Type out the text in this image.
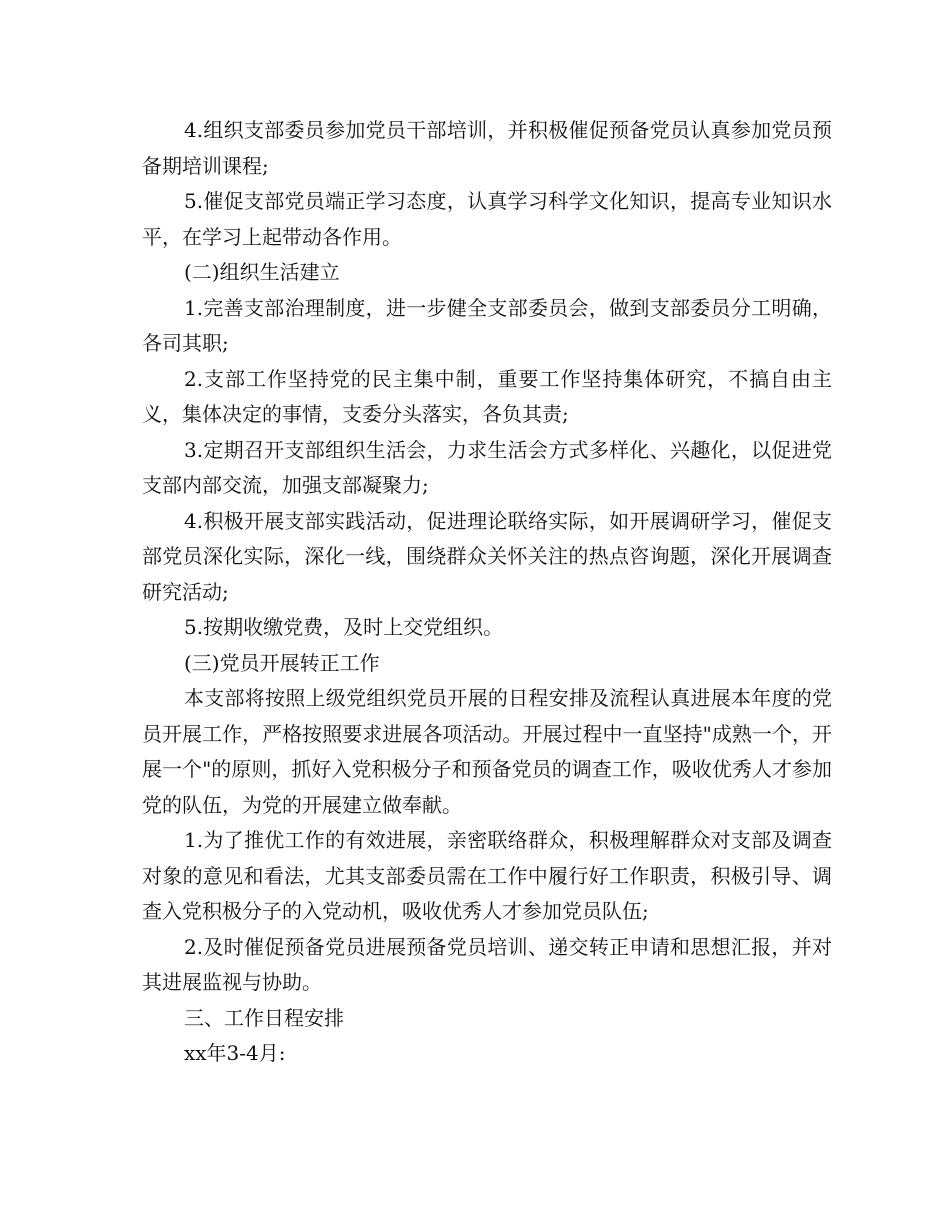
4.组织支部委员参加党员干部培训，并积极催促预备党员认真参加党员预备期培训课程;

5.催促支部党员端正学习态度，认真学习科学文化知识，提高专业知识水平，在学习上起带动各作用。

(二)组织生活建立

1.完善支部治理制度，进一步健全支部委员会，做到支部委员分工明确，各司其职;

2.支部工作坚持党的民主集中制，重要工作坚持集体研究，不搞自由主义，集体决定的事情，支委分头落实，各负其责;

3.定期召开支部组织生活会，力求生活会方式多样化、兴趣化，以促进党支部内部交流，加强支部凝聚力;

4.积极开展支部实践活动，促进理论联络实际，如开展调研学习，催促支部党员深化实际，深化一线，围绕群众关怀关注的热点咨询题，深化开展调查研究活动;

5.按期收缴党费，及时上交党组织。

(三)党员开展转正工作

本支部将按照上级党组织党员开展的日程安排及流程认真进展本年度的党员开展工作，严格按照要求进展各项活动。开展过程中一直坚持"成熟一个，开展一个"的原则，抓好入党积极分子和预备党员的调查工作，吸收优秀人才参加党的队伍，为党的开展建立做奉献。

1.为了推优工作的有效进展，亲密联络群众，积极理解群众对支部及调查对象的意见和看法，尤其支部委员需在工作中履行好工作职责，积极引导、调查入党积极分子的入党动机，吸收优秀人才参加党员队伍;

2.及时催促预备党员进展预备党员培训、递交转正申请和思想汇报，并对其进展监视与协助。

三、工作日程安排

xx年3-4月:
